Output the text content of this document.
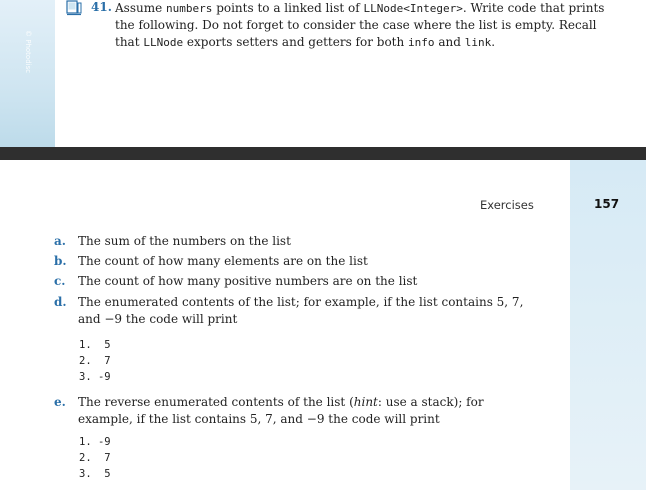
© Photodisc
41. Assume numbers points to a linked list of LLNode<Integer>. Write code that prints the following. Do not forget to consider the case where the list is empty. Recall that LLNode exports setters and getters for both info and link.
Exercises	157
a.	The sum of the numbers on the list
b. The count of how many elements are on the list
c.	The count of how many positive numbers are on the list
d. The enumerated contents of the list; for example, if the list contains 5, 7, and −9 the code will print
1.  5
2.  7
3. -9
e.	The reverse enumerated contents of the list (hint: use a stack); for example, if the list contains 5, 7, and −9 the code will print
1. -9
2.  7
3.  5
